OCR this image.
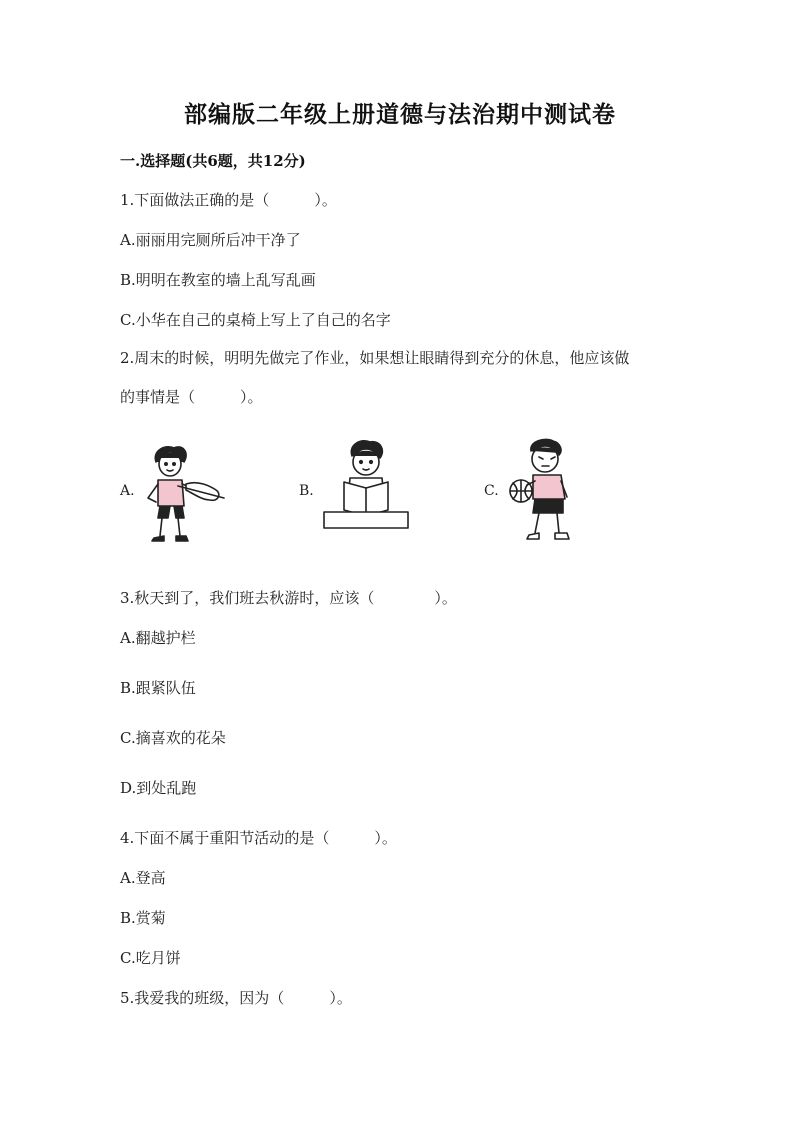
部编版二年级上册道德与法治期中测试卷
一.选择题(共6题，共12分)
1.下面做法正确的是（　　　）。
A.丽丽用完厕所后冲干净了
B.明明在教室的墙上乱写乱画
C.小华在自己的桌椅上写上了自己的名字
2.周末的时候，明明先做完了作业，如果想让眼睛得到充分的休息，他应该做
的事情是（　　　）。
A.	B.	C.
3.秋天到了，我们班去秋游时，应该（　　　　）。
A.翻越护栏
B.跟紧队伍
C.摘喜欢的花朵
D.到处乱跑
4.下面不属于重阳节活动的是（　　　）。
A.登高
B.赏菊
C.吃月饼
5.我爱我的班级，因为（　　　）。
